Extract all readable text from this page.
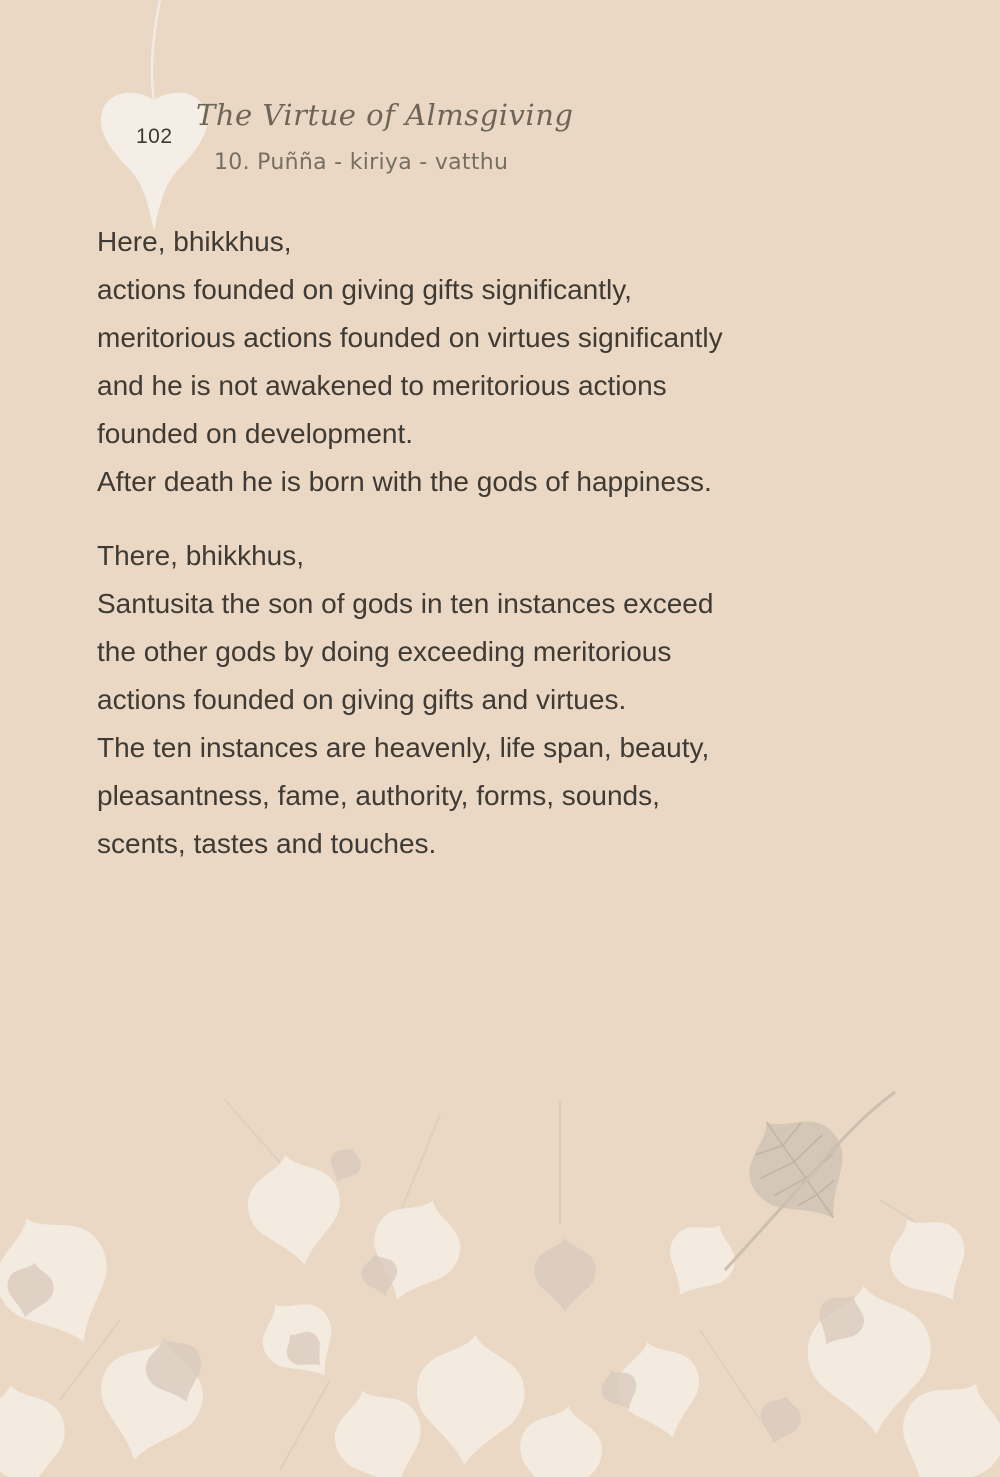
102
The Virtue of Almsgiving
10. Puñña - kiriya - vatthu

Here, bhikkhus,
actions founded on giving gifts significantly,
meritorious actions founded on virtues significantly
and he is not awakened to meritorious actions
founded on development.
After death he is born with the gods of happiness.

There, bhikkhus,
Santusita the son of gods in ten instances exceed
the other gods by doing exceeding meritorious
actions founded on giving gifts and virtues.
The ten instances are heavenly, life span, beauty,
pleasantness, fame, authority, forms, sounds,
scents, tastes and touches.
